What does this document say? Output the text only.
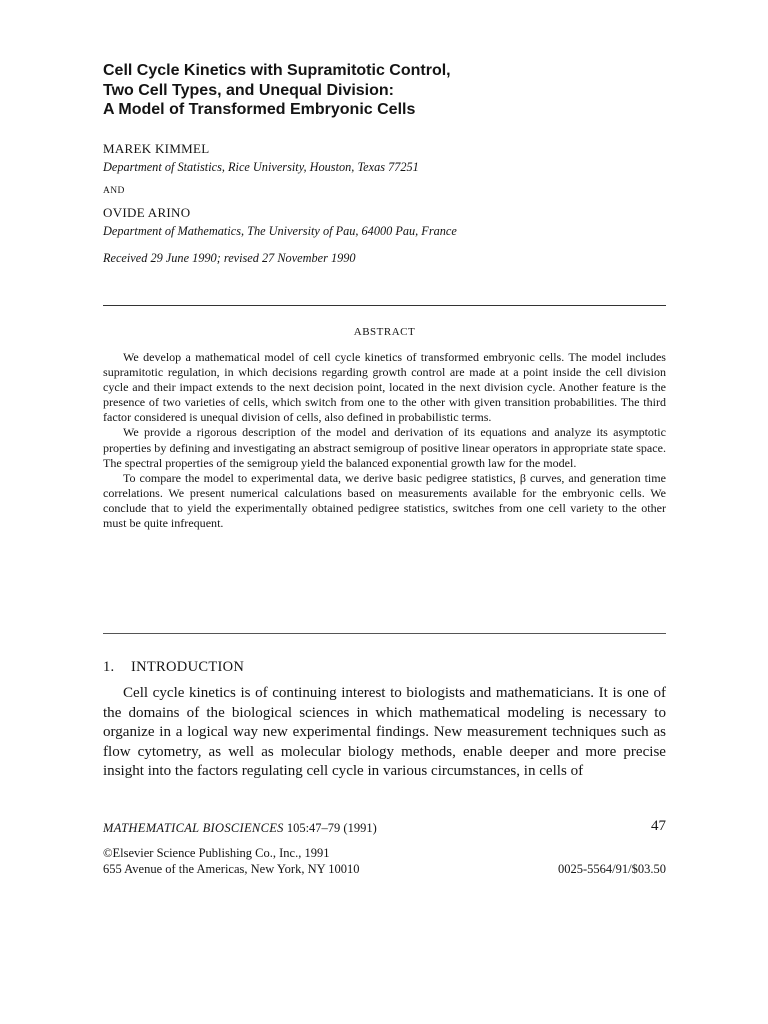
Cell Cycle Kinetics with Supramitotic Control,
Two Cell Types, and Unequal Division:
A Model of Transformed Embryonic Cells
MAREK KIMMEL
Department of Statistics, Rice University, Houston, Texas 77251
AND
OVIDE ARINO
Department of Mathematics, The University of Pau, 64000 Pau, France
Received 29 June 1990; revised 27 November 1990
ABSTRACT

We develop a mathematical model of cell cycle kinetics of transformed embryonic cells. The model includes supramitotic regulation, in which decisions regarding growth control are made at a point inside the cell division cycle and their impact extends to the next decision point, located in the next division cycle. Another feature is the presence of two varieties of cells, which switch from one to the other with given transition probabilities. The third factor considered is unequal division of cells, also defined in probabilistic terms.

We provide a rigorous description of the model and derivation of its equations and analyze its asymptotic properties by defining and investigating an abstract semigroup of positive linear operators in appropriate state space. The spectral properties of the semigroup yield the balanced exponential growth law for the model.

To compare the model to experimental data, we derive basic pedigree statistics, β curves, and generation time correlations. We present numerical calculations based on measurements available for the embryonic cells. We conclude that to yield the experimentally obtained pedigree statistics, switches from one cell variety to the other must be quite infrequent.

1. INTRODUCTION

Cell cycle kinetics is of continuing interest to biologists and mathematicians. It is one of the domains of the biological sciences in which mathematical modeling is necessary to organize in a logical way new experimental findings. New measurement techniques such as flow cytometry, as well as molecular biology methods, enable deeper and more precise insight into the factors regulating cell cycle in various circumstances, in cells of

MATHEMATICAL BIOSCIENCES 105:47–79 (1991)	47
©Elsevier Science Publishing Co., Inc., 1991
655 Avenue of the Americas, New York, NY 10010	0025-5564/91/$03.50
